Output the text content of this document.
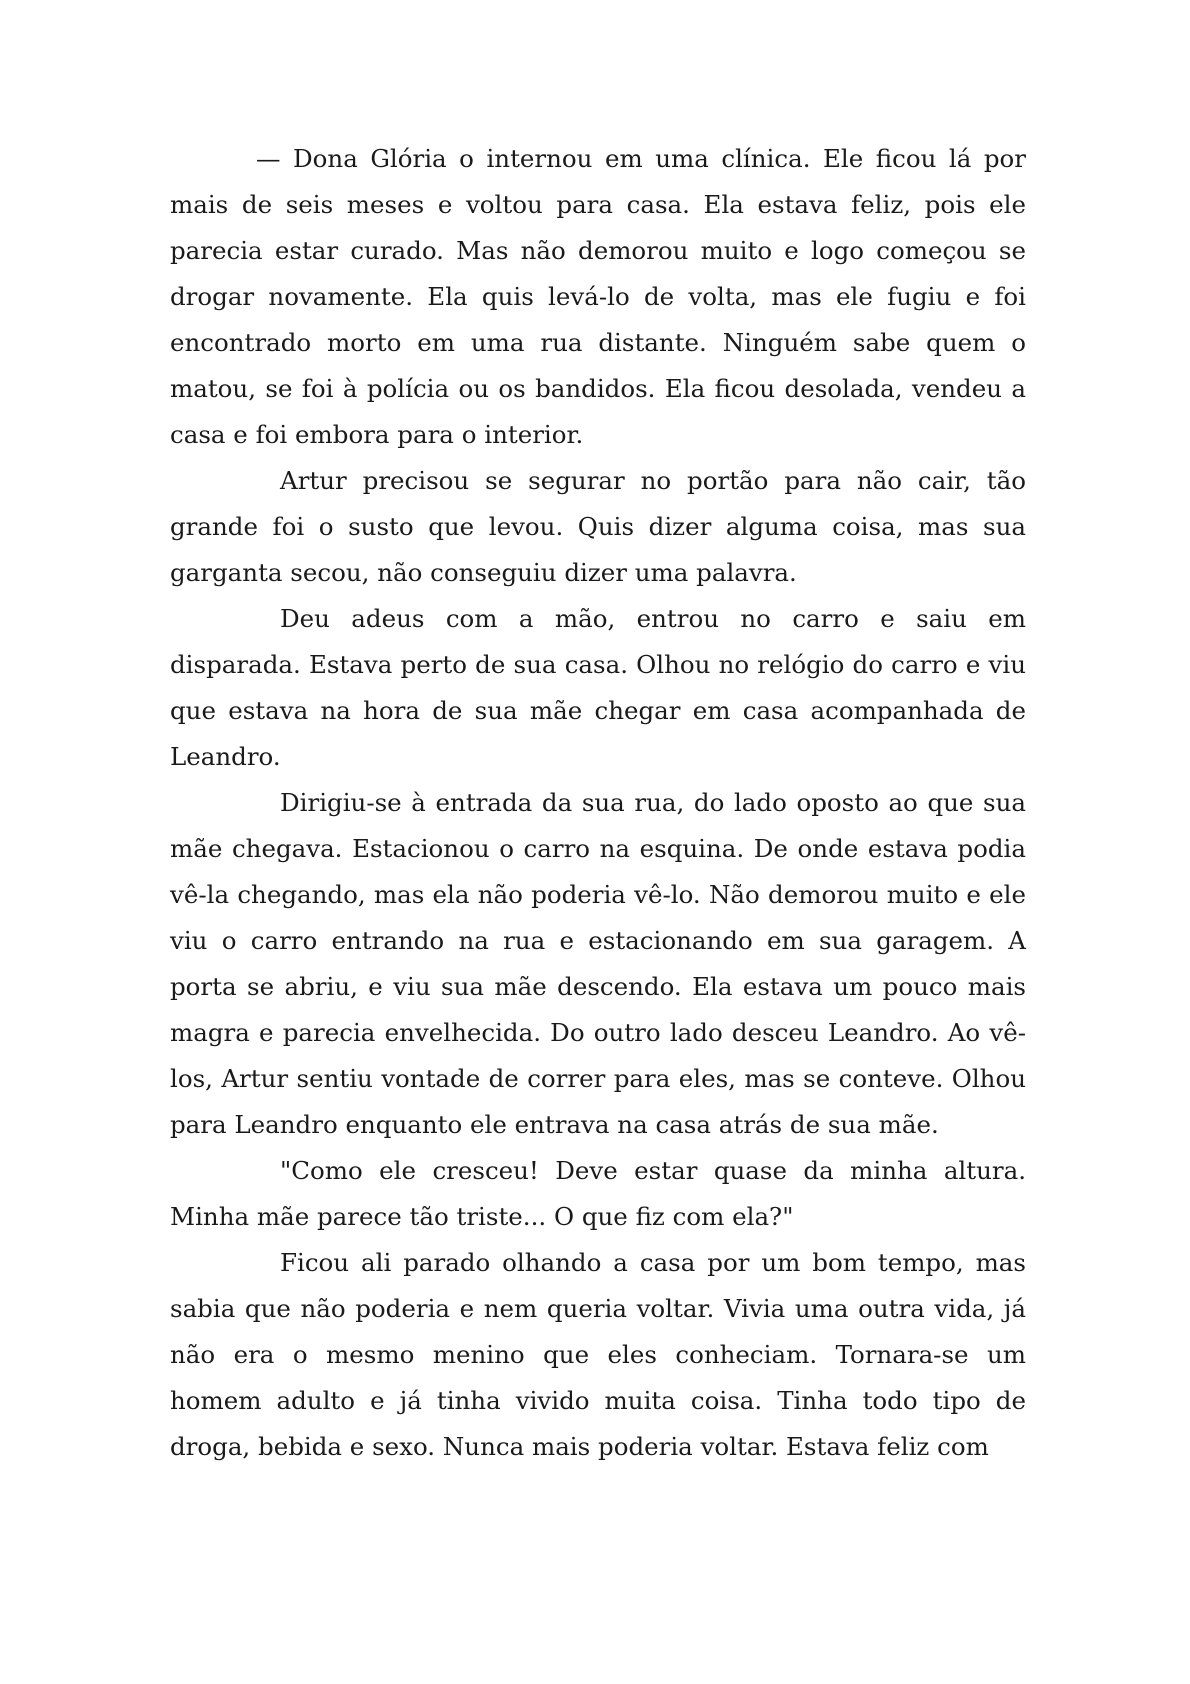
— Dona Glória o internou em uma clínica. Ele ficou lá por mais de seis meses e voltou para casa. Ela estava feliz, pois ele parecia estar curado. Mas não demorou muito e logo começou se drogar novamente. Ela quis levá-lo de volta, mas ele fugiu e foi encontrado morto em uma rua distante. Ninguém sabe quem o matou, se foi à polícia ou os bandidos. Ela ficou desolada, vendeu a casa e foi embora para o interior.

Artur precisou se segurar no portão para não cair, tão grande foi o susto que levou. Quis dizer alguma coisa, mas sua garganta secou, não conseguiu dizer uma palavra.

Deu adeus com a mão, entrou no carro e saiu em disparada. Estava perto de sua casa. Olhou no relógio do carro e viu que estava na hora de sua mãe chegar em casa acompanhada de Leandro.

Dirigiu-se à entrada da sua rua, do lado oposto ao que sua mãe chegava. Estacionou o carro na esquina. De onde estava podia vê-la chegando, mas ela não poderia vê-lo. Não demorou muito e ele viu o carro entrando na rua e estacionando em sua garagem. A porta se abriu, e viu sua mãe descendo. Ela estava um pouco mais magra e parecia envelhecida. Do outro lado desceu Leandro. Ao vê-los, Artur sentiu vontade de correr para eles, mas se conteve. Olhou para Leandro enquanto ele entrava na casa atrás de sua mãe.

"Como ele cresceu! Deve estar quase da minha altura. Minha mãe parece tão triste... O que fiz com ela?"

Ficou ali parado olhando a casa por um bom tempo, mas sabia que não poderia e nem queria voltar. Vivia uma outra vida, já não era o mesmo menino que eles conheciam. Tornara-se um homem adulto e já tinha vivido muita coisa. Tinha todo tipo de droga, bebida e sexo. Nunca mais poderia voltar. Estava feliz com
